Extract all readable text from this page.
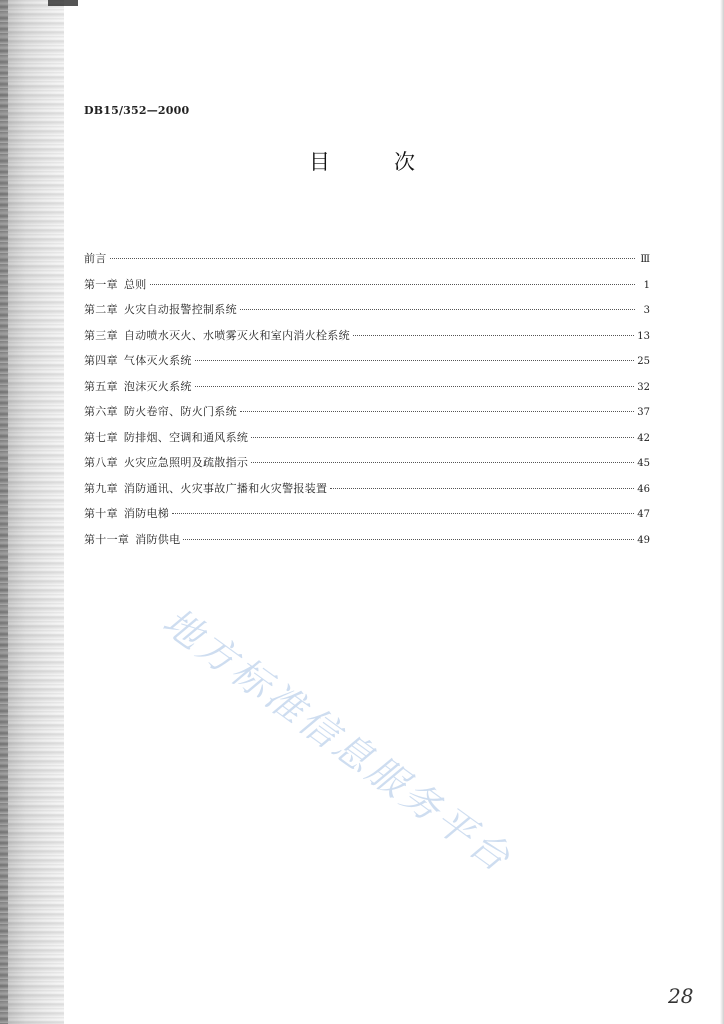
DB15/352—2000
目	次
前言	Ⅲ
第一章 总则	1
第二章 火灾自动报警控制系统	3
第三章 自动喷水灭火、水喷雾灭火和室内消火栓系统	13
第四章 气体灭火系统	25
第五章 泡沫灭火系统	32
第六章 防火卷帘、防火门系统	37
第七章 防排烟、空调和通风系统	42
第八章 火灾应急照明及疏散指示	45
第九章 消防通讯、火灾事故广播和火灾警报装置	46
第十章 消防电梯	47
第十一章 消防供电	49
地方标准信息服务平台
28
